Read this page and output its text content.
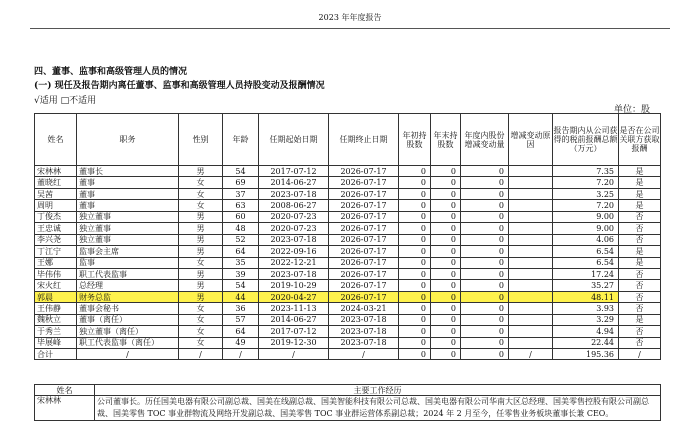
2023 年年度报告
四、董事、监事和高级管理人员的情况
(一) 现任及报告期内离任董事、监事和高级管理人员持股变动及报酬情况
√适用 □不适用
单位：股
姓名	职务	性别	年龄	任期起始日期	任期终止日期	年初持股数	年末持股数	年度内股份增减变动量	增减变动原因	报告期内从公司获得的税前报酬总额（万元）	是否在公司关联方获取报酬
宋林林	董事长	男	54	2017-07-12	2026-07-17	0	0	0		7.35	是
董晓红	董事	女	69	2014-06-27	2026-07-17	0	0	0		7.20	是
吴茜	董事	女	37	2023-07-18	2026-07-17	0	0	0		3.25	是
周明	董事	女	63	2008-06-27	2026-07-17	0	0	0		7.20	是
丁俊杰	独立董事	男	60	2020-07-23	2026-07-17	0	0	0		9.00	否
王忠诚	独立董事	男	48	2020-07-23	2026-07-17	0	0	0		9.00	否
李兴尧	独立董事	男	52	2023-07-18	2026-07-17	0	0	0		4.06	否
丁江宁	监事会主席	男	64	2022-09-16	2026-07-17	0	0	0		6.54	是
王娜	监事	女	35	2022-12-21	2026-07-17	0	0	0		6.54	是
毕伟伟	职工代表监事	男	39	2023-07-18	2026-07-17	0	0	0		17.24	否
宋火红	总经理	男	54	2019-10-29	2026-07-17	0	0	0		35.27	否
郭晨	财务总监	男	44	2020-04-27	2026-07-17	0	0	0		48.11	否
王伟静	董事会秘书	女	36	2023-11-13	2024-03-21	0	0	0		3.93	否
魏秋立	董事（离任）	女	57	2014-06-27	2023-07-18	0	0	0		3.29	是
于秀兰	独立董事（离任）	女	64	2017-07-12	2023-07-18	0	0	0		4.94	否
毕展峰	职工代表监事（离任）	女	49	2019-12-30	2023-07-18	0	0	0		22.44	否
合计	/	/	/	/	/	0	0	0	/	195.36	/
姓名	主要工作经历
宋林林	公司董事长。历任国美电器有限公司副总裁、国美在线副总裁、国美智能科技有限公司总裁、国美电器有限公司华南大区总经理、国美零售控股有限公司副总裁、国美零售 TOC 事业群物流及网络开发副总裁、国美零售 TOC 事业群运营体系副总裁；2024 年 2 月至今，任零售业务板块董事长兼 CEO。
